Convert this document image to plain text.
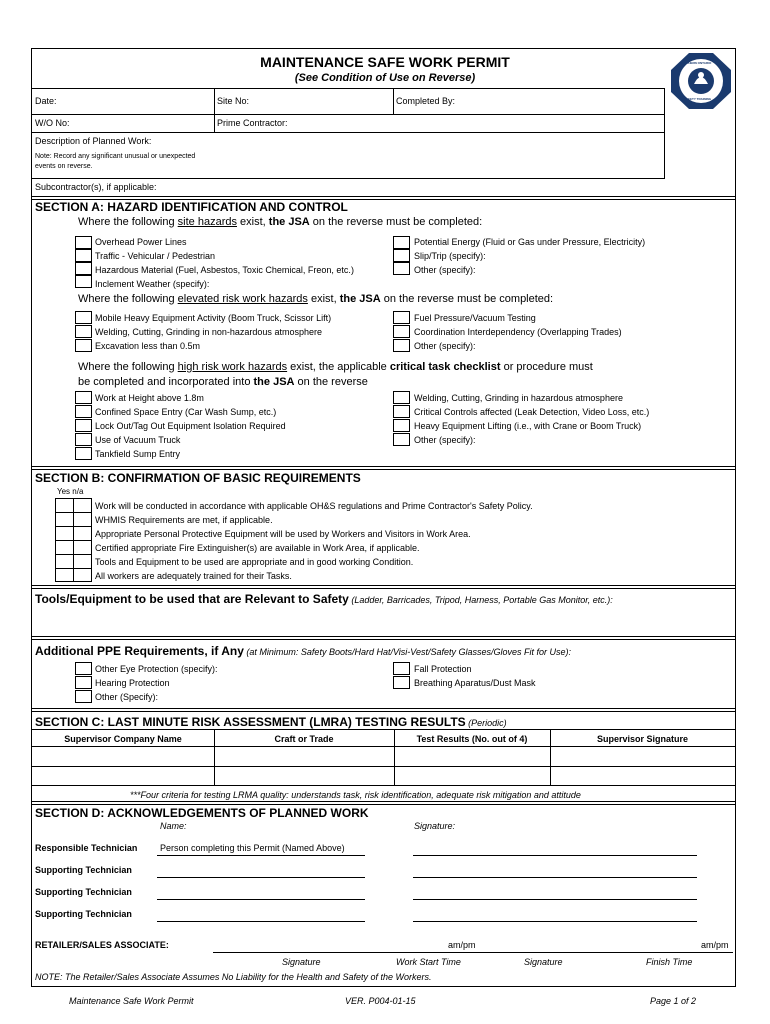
MAINTENANCE SAFE WORK PERMIT
(See Condition of Use on Reverse)
SOUTHERN ONTARIO
SAFETY TRAINING
Date:	Site No:	Completed By:
W/O No:	Prime Contractor:
Description of Planned Work:
Note: Record any significant unusual or unexpected
events on reverse.
Subcontractor(s), if applicable:
SECTION A: HAZARD IDENTIFICATION AND CONTROL
Where the following site hazards exist, the JSA on the reverse must be completed:
Overhead Power Lines
Traffic - Vehicular / Pedestrian
Hazardous Material (Fuel, Asbestos, Toxic Chemical, Freon, etc.)
Inclement Weather (specify):
Potential Energy (Fluid or Gas under Pressure, Electricity)
Slip/Trip (specify):
Other (specify):
Where the following elevated risk work hazards exist, the JSA on the reverse must be completed:
Mobile Heavy Equipment Activity (Boom Truck, Scissor Lift)
Welding, Cutting, Grinding in non-hazardous atmosphere
Excavation less than 0.5m
Fuel Pressure/Vacuum Testing
Coordination Interdependency (Overlapping Trades)
Other (specify):
Where the following high risk work hazards exist, the applicable critical task checklist or procedure must
be completed and incorporated into the JSA on the reverse
Work at Height above 1.8m
Confined Space Entry (Car Wash Sump, etc.)
Lock Out/Tag Out Equipment Isolation Required
Use of Vacuum Truck
Tankfield Sump Entry
Welding, Cutting, Grinding in hazardous atmosphere
Critical Controls affected (Leak Detection, Video Loss, etc.)
Heavy Equipment Lifting (i.e., with Crane or Boom Truck)
Other (specify):
SECTION B: CONFIRMATION OF BASIC REQUIREMENTS
Yes n/a
Work will be conducted in accordance with applicable OH&S regulations and Prime Contractor's Safety Policy.
WHMIS Requirements are met, if applicable.
Appropriate Personal Protective Equipment will be used by Workers and Visitors in Work Area.
Certified appropriate Fire Extinguisher(s) are available in Work Area, if applicable.
Tools and Equipment to be used are appropriate and in good working Condition.
All workers are adequately trained for their Tasks.
Tools/Equipment to be used that are Relevant to Safety (Ladder, Barricades, Tripod, Harness, Portable Gas Monitor, etc.):
Additional PPE Requirements, if Any (at Minimum: Safety Boots/Hard Hat/Visi-Vest/Safety Glasses/Gloves Fit for Use):
Other Eye Protection (specify):
Hearing Protection
Other (Specify):
Fall Protection
Breathing Aparatus/Dust Mask
SECTION C: LAST MINUTE RISK ASSESSMENT (LMRA) TESTING RESULTS (Periodic)
Supervisor Company Name	Craft or Trade	Test Results (No. out of 4)	Supervisor Signature
***Four criteria for testing LRMA quality: understands task, risk identification, adequate risk mitigation and attitude
SECTION D: ACKNOWLEDGEMENTS OF PLANNED WORK
Name:	Signature:
Responsible Technician	Person completing this Permit (Named Above)
Supporting Technician
Supporting Technician
Supporting Technician
RETAILER/SALES ASSOCIATE:	am/pm	am/pm
Signature	Work Start Time	Signature	Finish Time
NOTE: The Retailer/Sales Associate Assumes No Liability for the Health and Safety of the Workers.
Maintenance Safe Work Permit	VER. P004-01-15	Page 1 of 2
